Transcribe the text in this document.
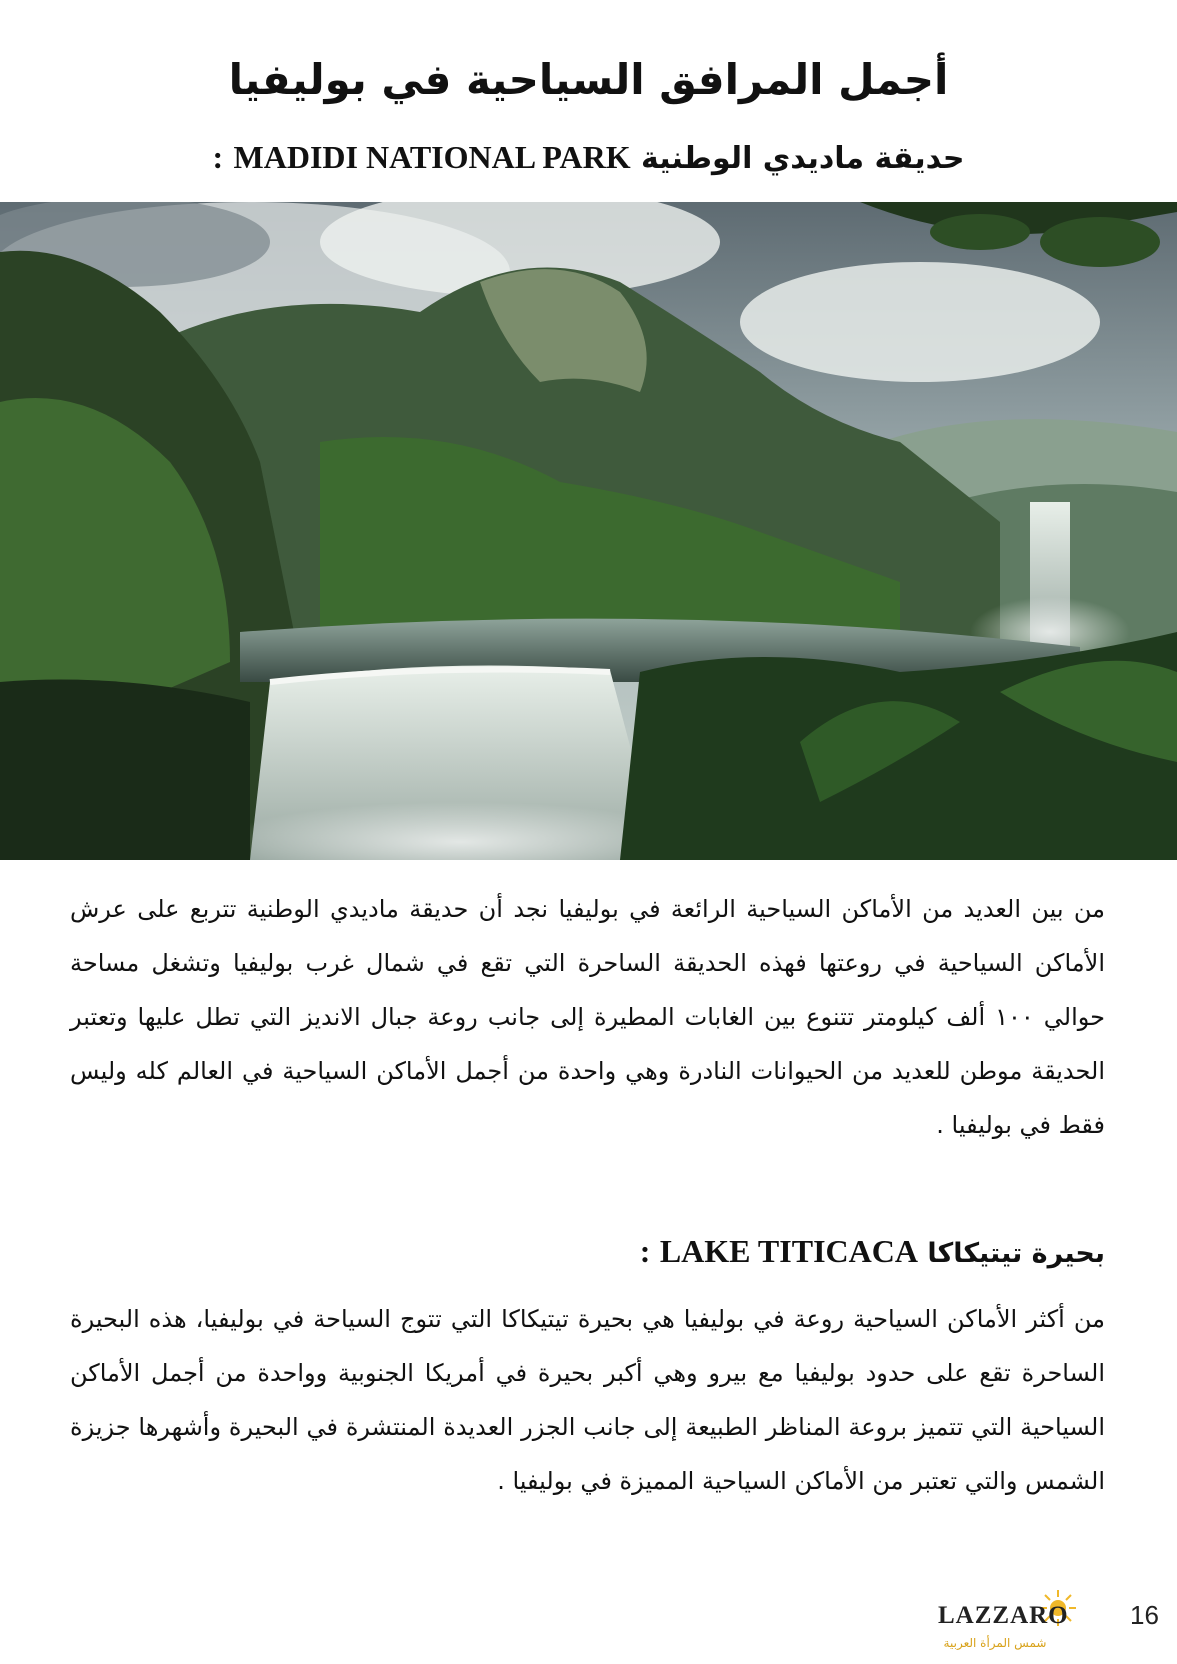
أجمل المرافق السياحية في بوليفيا
حديقة ماديدي الوطنية MADIDI NATIONAL PARK :
من بين العديد من الأماكن السياحية الرائعة في بوليفيا نجد أن حديقة ماديدي الوطنية تتربع على عرش الأماكن السياحية في روعتها فهذه الحديقة الساحرة التي تقع في شمال غرب بوليفيا وتشغل مساحة حوالي ١٠٠ ألف كيلومتر تتنوع بين الغابات المطيرة إلى جانب روعة جبال الانديز التي تطل عليها وتعتبر الحديقة موطن للعديد من الحيوانات النادرة وهي واحدة من أجمل الأماكن السياحية في العالم كله وليس فقط في بوليفيا .
بحيرة تيتيكاكا LAKE TITICACA :
من أكثر الأماكن السياحية روعة في بوليفيا هي بحيرة تيتيكاكا التي تتوج السياحة في بوليفيا، هذه البحيرة الساحرة تقع على حدود بوليفيا مع بيرو وهي أكبر بحيرة في أمريكا الجنوبية وواحدة من أجمل الأماكن السياحية التي تتميز بروعة المناظر الطبيعة إلى جانب الجزر العديدة المنتشرة في البحيرة وأشهرها جزيزة الشمس والتي تعتبر من الأماكن السياحية المميزة في بوليفيا .
LAZZARO
شمس المرأة العربية
16
